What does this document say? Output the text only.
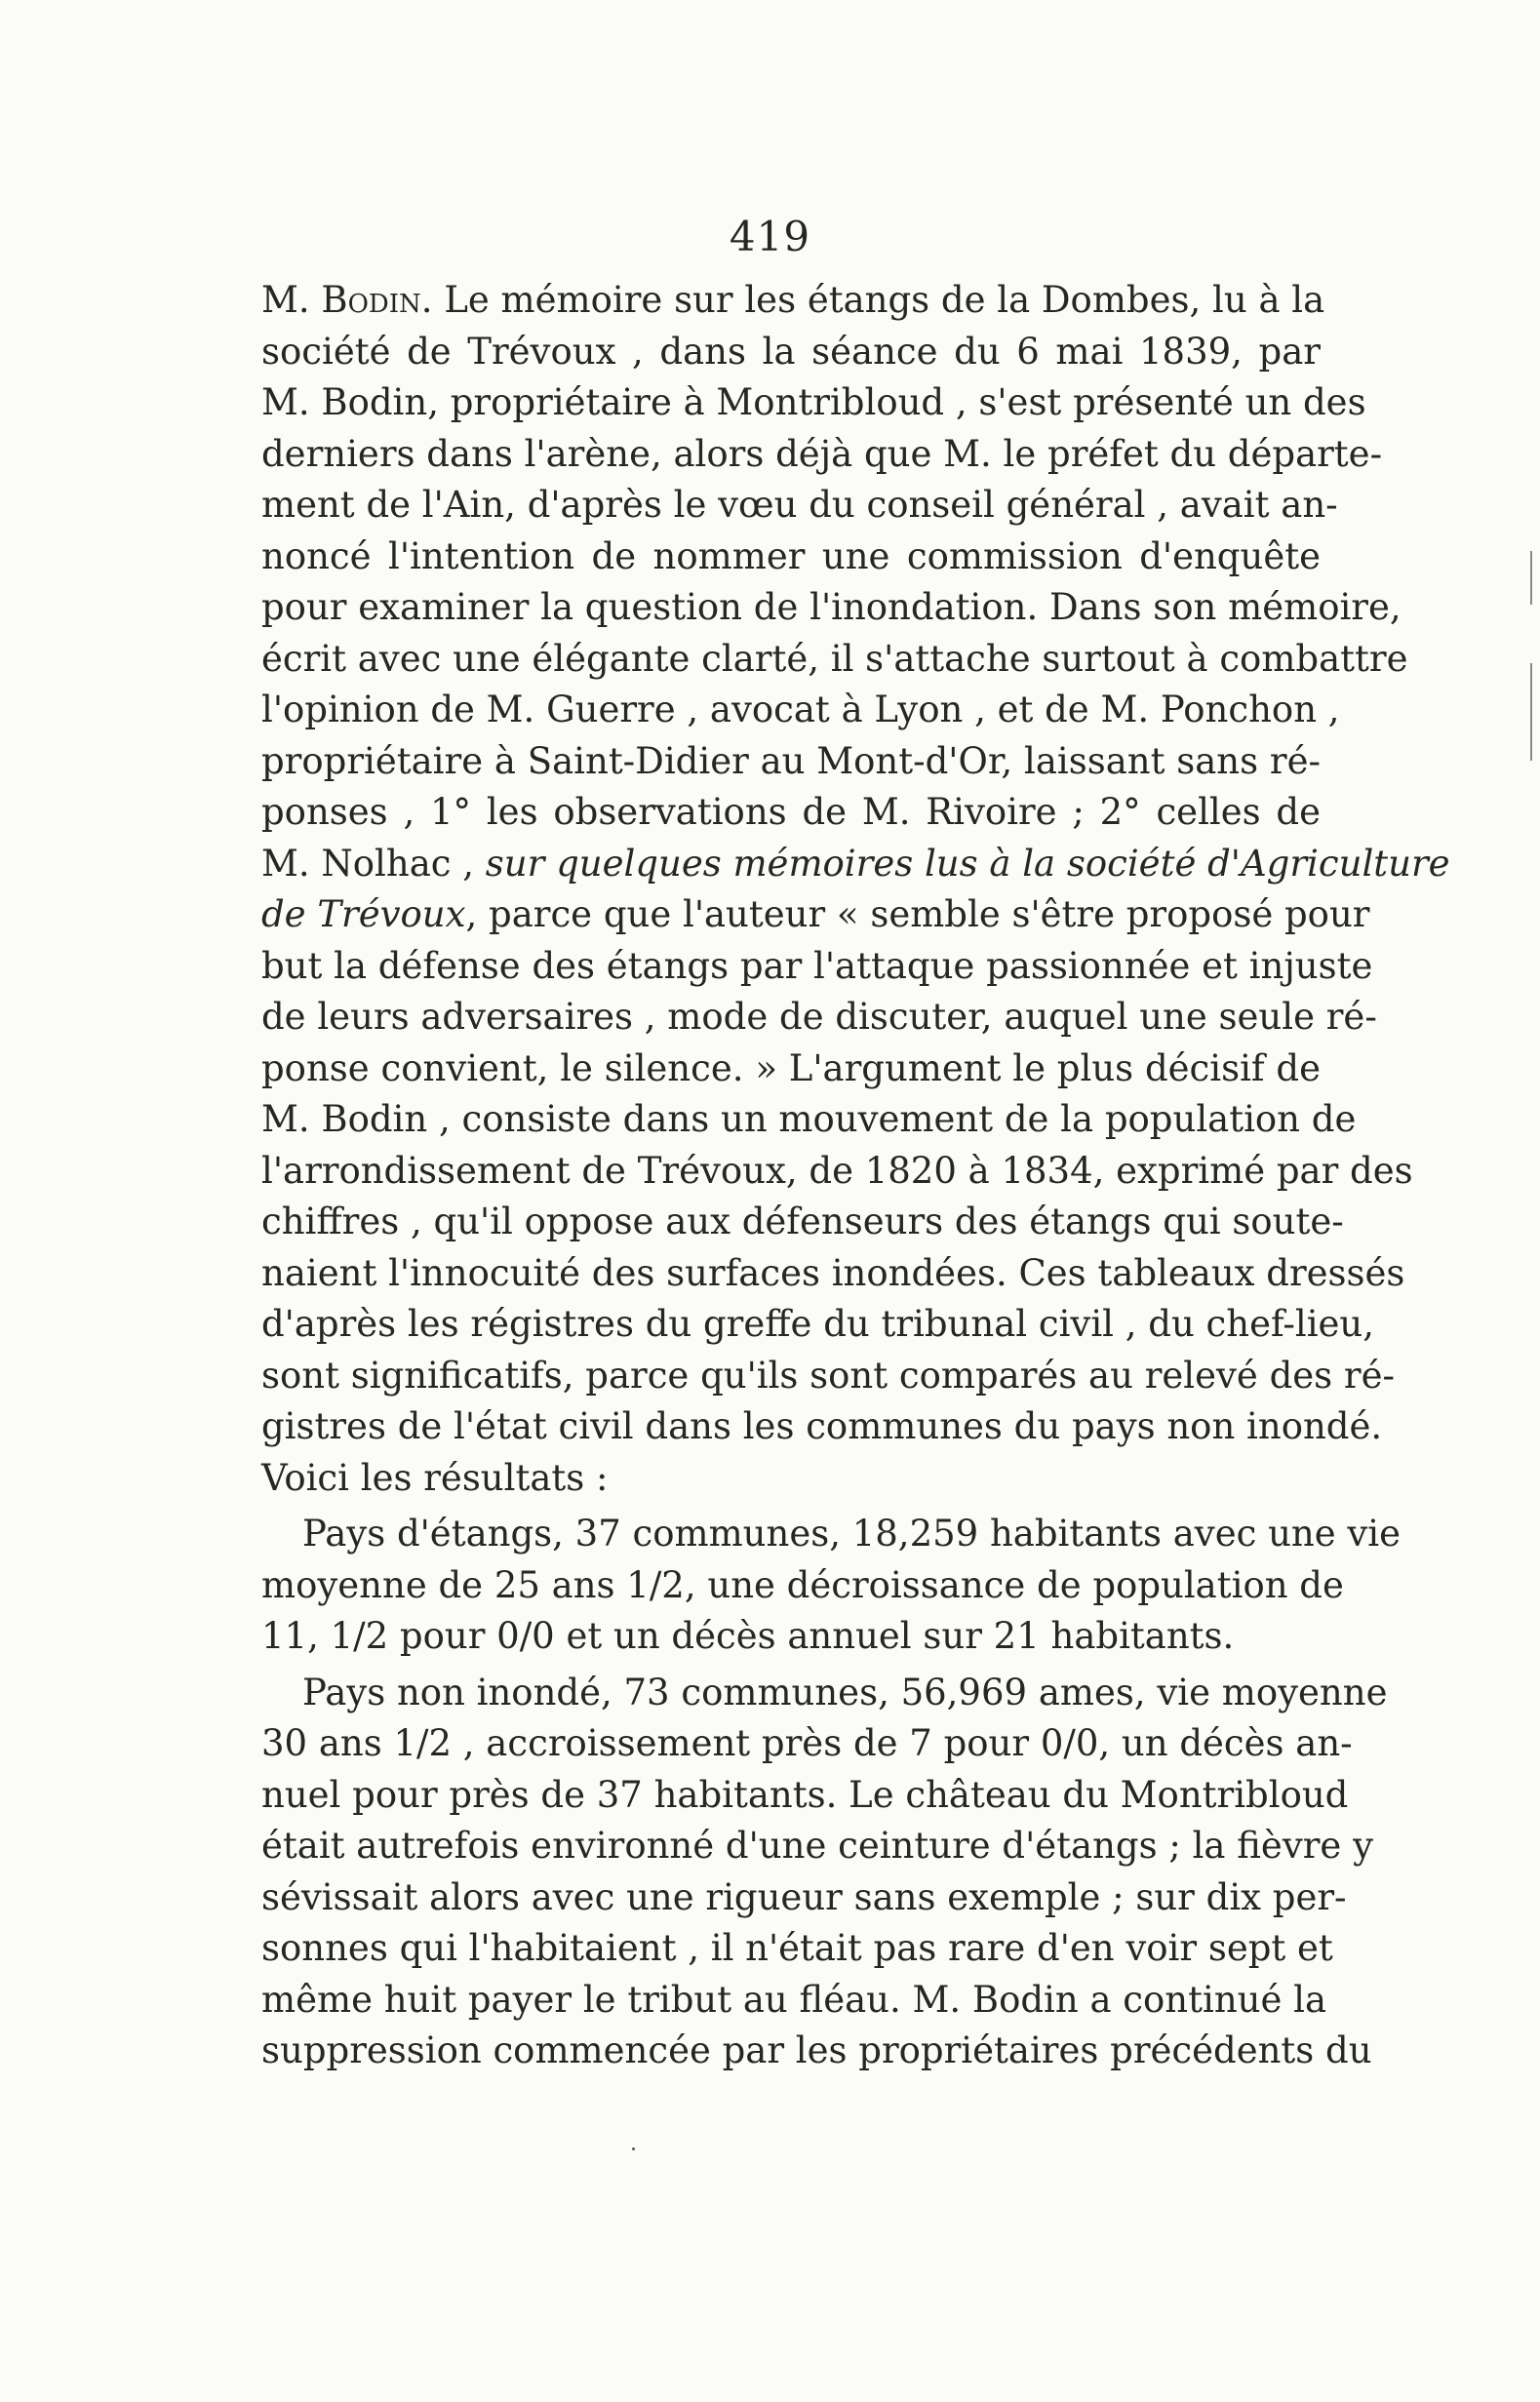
419
M. Bodin. Le mémoire sur les étangs de la Dombes, lu à la
société de Trévoux , dans la séance du 6 mai 1839, par
M. Bodin, propriétaire à Montribloud , s'est présenté un des
derniers dans l'arène, alors déjà que M. le préfet du départe-
ment de l'Ain, d'après le vœu du conseil général , avait an-
noncé l'intention de nommer une commission d'enquête
pour examiner la question de l'inondation. Dans son mémoire,
écrit avec une élégante clarté, il s'attache surtout à combattre
l'opinion de M. Guerre , avocat à Lyon , et de M. Ponchon ,
propriétaire à Saint-Didier au Mont-d'Or, laissant sans ré-
ponses , 1° les observations de M. Rivoire ; 2° celles de
M. Nolhac , sur quelques mémoires lus à la société d'Agriculture
de Trévoux, parce que l'auteur « semble s'être proposé pour
but la défense des étangs par l'attaque passionnée et injuste
de leurs adversaires , mode de discuter, auquel une seule ré-
ponse convient, le silence. » L'argument le plus décisif de
M. Bodin , consiste dans un mouvement de la population de
l'arrondissement de Trévoux, de 1820 à 1834, exprimé par des
chiffres , qu'il oppose aux défenseurs des étangs qui soute-
naient l'innocuité des surfaces inondées. Ces tableaux dressés
d'après les régistres du greffe du tribunal civil , du chef-lieu,
sont significatifs, parce qu'ils sont comparés au relevé des ré-
gistres de l'état civil dans les communes du pays non inondé.
Voici les résultats :
Pays d'étangs, 37 communes, 18,259 habitants avec une vie
moyenne de 25 ans 1/2, une décroissance de population de
11, 1/2 pour 0/0 et un décès annuel sur 21 habitants.
Pays non inondé, 73 communes, 56,969 ames, vie moyenne
30 ans 1/2 , accroissement près de 7 pour 0/0, un décès an-
nuel pour près de 37 habitants. Le château du Montribloud
était autrefois environné d'une ceinture d'étangs ; la fièvre y
sévissait alors avec une rigueur sans exemple ; sur dix per-
sonnes qui l'habitaient , il n'était pas rare d'en voir sept et
même huit payer le tribut au fléau. M. Bodin a continué la
suppression commencée par les propriétaires précédents du
